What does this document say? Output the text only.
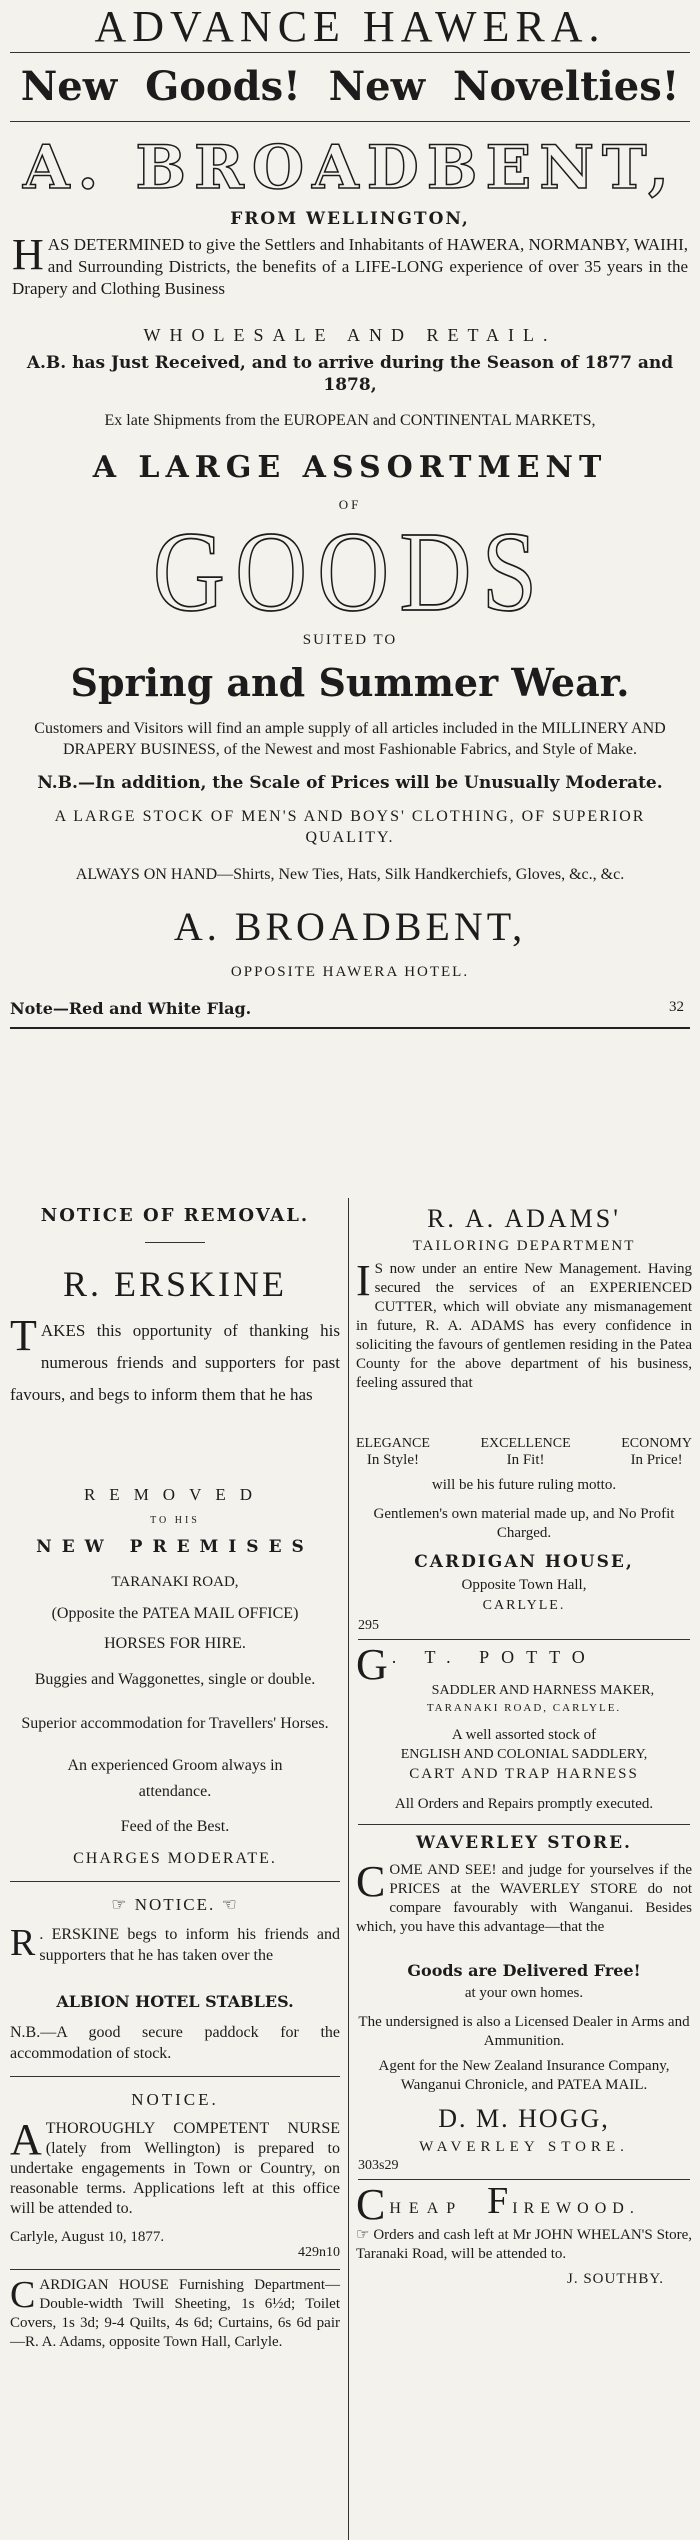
ADVANCE HAWERA.
New Goods! New Novelties!
A. BROADBENT,
FROM WELLINGTON,
H AS DETERMINED to give the Settlers and Inhabitants of HAWERA, NORMANBY, WAIHI, and Surrounding Districts, the benefits of a LIFE-LONG experience of over 35 years in the Drapery and Clothing Business
WHOLESALE AND RETAIL.
A.B. has Just Received, and to arrive during the Season of 1877 and 1878,
Ex late Shipments from the EUROPEAN and CONTINENTAL MARKETS,
A LARGE ASSORTMENT
OF
GOODS
SUITED TO
Spring and Summer Wear.
Customers and Visitors will find an ample supply of all articles included in the MILLINERY AND DRAPERY BUSINESS, of the Newest and most Fashionable Fabrics, and Style of Make.
N.B.—In addition, the Scale of Prices will be Unusually Moderate.
A LARGE STOCK OF MEN'S AND BOYS' CLOTHING, OF SUPERIOR QUALITY.
ALWAYS ON HAND—Shirts, New Ties, Hats, Silk Handkerchiefs, Gloves, &c., &c.
A. BROADBENT,
OPPOSITE HAWERA HOTEL.
Note—Red and White Flag.	32
NOTICE OF REMOVAL.
R. ERSKINE
T AKES this opportunity of thanking his numerous friends and supporters for past favours, and begs to inform them that he has
REMOVED
TO HIS
NEW PREMISES
TARANAKI ROAD,
(Opposite the PATEA MAIL OFFICE)
HORSES FOR HIRE.
Buggies and Waggonettes, single or double.
Superior accommodation for Travellers' Horses.
An experienced Groom always in attendance.
Feed of the Best.
CHARGES MODERATE.
☞ NOTICE. ☜
R . ERSKINE begs to inform his friends and supporters that he has taken over the
ALBION HOTEL STABLES.
N.B.—A good secure paddock for the accommodation of stock.
NOTICE.
A THOROUGHLY COMPETENT NURSE (lately from Wellington) is prepared to undertake engagements in Town or Country, on reasonable terms. Applications left at this office will be attended to.
Carlyle, August 10, 1877.
429n10
C ARDIGAN HOUSE Furnishing Department—Double-width Twill Sheeting, 1s 6½d; Toilet Covers, 1s 3d; 9-4 Quilts, 4s 6d; Curtains, 6s 6d pair —R. A. Adams, opposite Town Hall, Carlyle.
R. A. ADAMS'
TAILORING DEPARTMENT
I S now under an entire New Management. Having secured the services of an EXPERIENCED CUTTER, which will obviate any mismanagement in future, R. A. ADAMS has every confidence in soliciting the favours of gentlemen residing in the Patea County for the above department of his business, feeling assured that
ELEGANCE
In Style!
EXCELLENCE
In Fit!
ECONOMY
In Price!
will be his future ruling motto.
Gentlemen's own material made up, and No Profit Charged.
CARDIGAN HOUSE,
Opposite Town Hall,
CARLYLE.
295
G . T. POTTO
SADDLER AND HARNESS MAKER,
TARANAKI ROAD, CARLYLE.
A well assorted stock of
ENGLISH AND COLONIAL SADDLERY,
CART AND TRAP HARNESS
All Orders and Repairs promptly executed.
WAVERLEY STORE.
C OME AND SEE! and judge for yourselves if the PRICES at the WAVERLEY STORE do not compare favourably with Wanganui. Besides which, you have this advantage—that the
Goods are Delivered Free!
at your own homes.
The undersigned is also a Licensed Dealer in Arms and Ammunition.
Agent for the New Zealand Insurance Company, Wanganui Chronicle, and PATEA MAIL.
D. M. HOGG,
WAVERLEY STORE.
303s29
C HEAP F IREWOOD.
☞ Orders and cash left at Mr JOHN WHELAN'S Store, Taranaki Road, will be attended to.
J. SOUTHBY.
